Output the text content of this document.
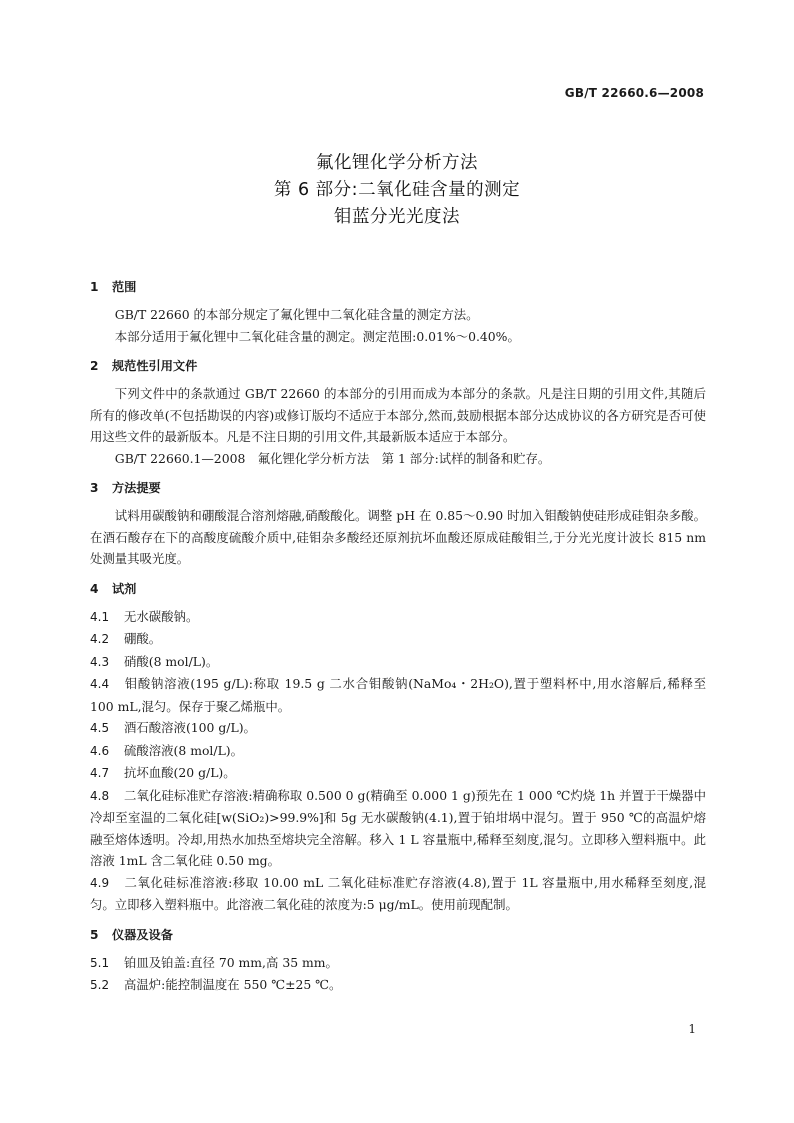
GB/T 22660.6—2008
氟化锂化学分析方法
第 6 部分:二氧化硅含量的测定
钼蓝分光光度法
1 范围

GB/T 22660 的本部分规定了氟化锂中二氧化硅含量的测定方法。

本部分适用于氟化锂中二氧化硅含量的测定。测定范围:0.01%～0.40%。

2 规范性引用文件

下列文件中的条款通过 GB/T 22660 的本部分的引用而成为本部分的条款。凡是注日期的引用文件,其随后所有的修改单(不包括勘误的内容)或修订版均不适应于本部分,然而,鼓励根据本部分达成协议的各方研究是否可使用这些文件的最新版本。凡是不注日期的引用文件,其最新版本适应于本部分。

GB/T 22660.1—2008　氟化锂化学分析方法　第 1 部分:试样的制备和贮存。

3 方法提要

试料用碳酸钠和硼酸混合溶剂熔融,硝酸酸化。调整 pH 在 0.85～0.90 时加入钼酸钠使硅形成硅钼杂多酸。在酒石酸存在下的高酸度硫酸介质中,硅钼杂多酸经还原剂抗坏血酸还原成硅酸钼兰,于分光光度计波长 815 nm 处测量其吸光度。

4 试剂

4.1 无水碳酸钠。

4.2 硼酸。

4.3 硝酸(8 mol/L)。

4.4 钼酸钠溶液(195 g/L):称取 19.5 g 二水合钼酸钠(NaMo₄・2H₂O),置于塑料杯中,用水溶解后,稀释至 100 mL,混匀。保存于聚乙烯瓶中。

4.5 酒石酸溶液(100 g/L)。

4.6 硫酸溶液(8 mol/L)。

4.7 抗坏血酸(20 g/L)。

4.8 二氧化硅标准贮存溶液:精确称取 0.500 0 g(精确至 0.000 1 g)预先在 1 000 ℃灼烧 1h 并置于干燥器中冷却至室温的二氧化硅[w(SiO₂)>99.9%]和 5g 无水碳酸钠(4.1),置于铂坩埚中混匀。置于 950 ℃的高温炉熔融至熔体透明。冷却,用热水加热至熔块完全溶解。移入 1 L 容量瓶中,稀释至刻度,混匀。立即移入塑料瓶中。此溶液 1mL 含二氧化硅 0.50 mg。

4.9 二氧化硅标准溶液:移取 10.00 mL 二氧化硅标准贮存溶液(4.8),置于 1L 容量瓶中,用水稀释至刻度,混匀。立即移入塑料瓶中。此溶液二氧化硅的浓度为:5 μg/mL。使用前现配制。

5 仪器及设备

5.1 铂皿及铂盖:直径 70 mm,高 35 mm。

5.2 高温炉:能控制温度在 550 ℃±25 ℃。

1
